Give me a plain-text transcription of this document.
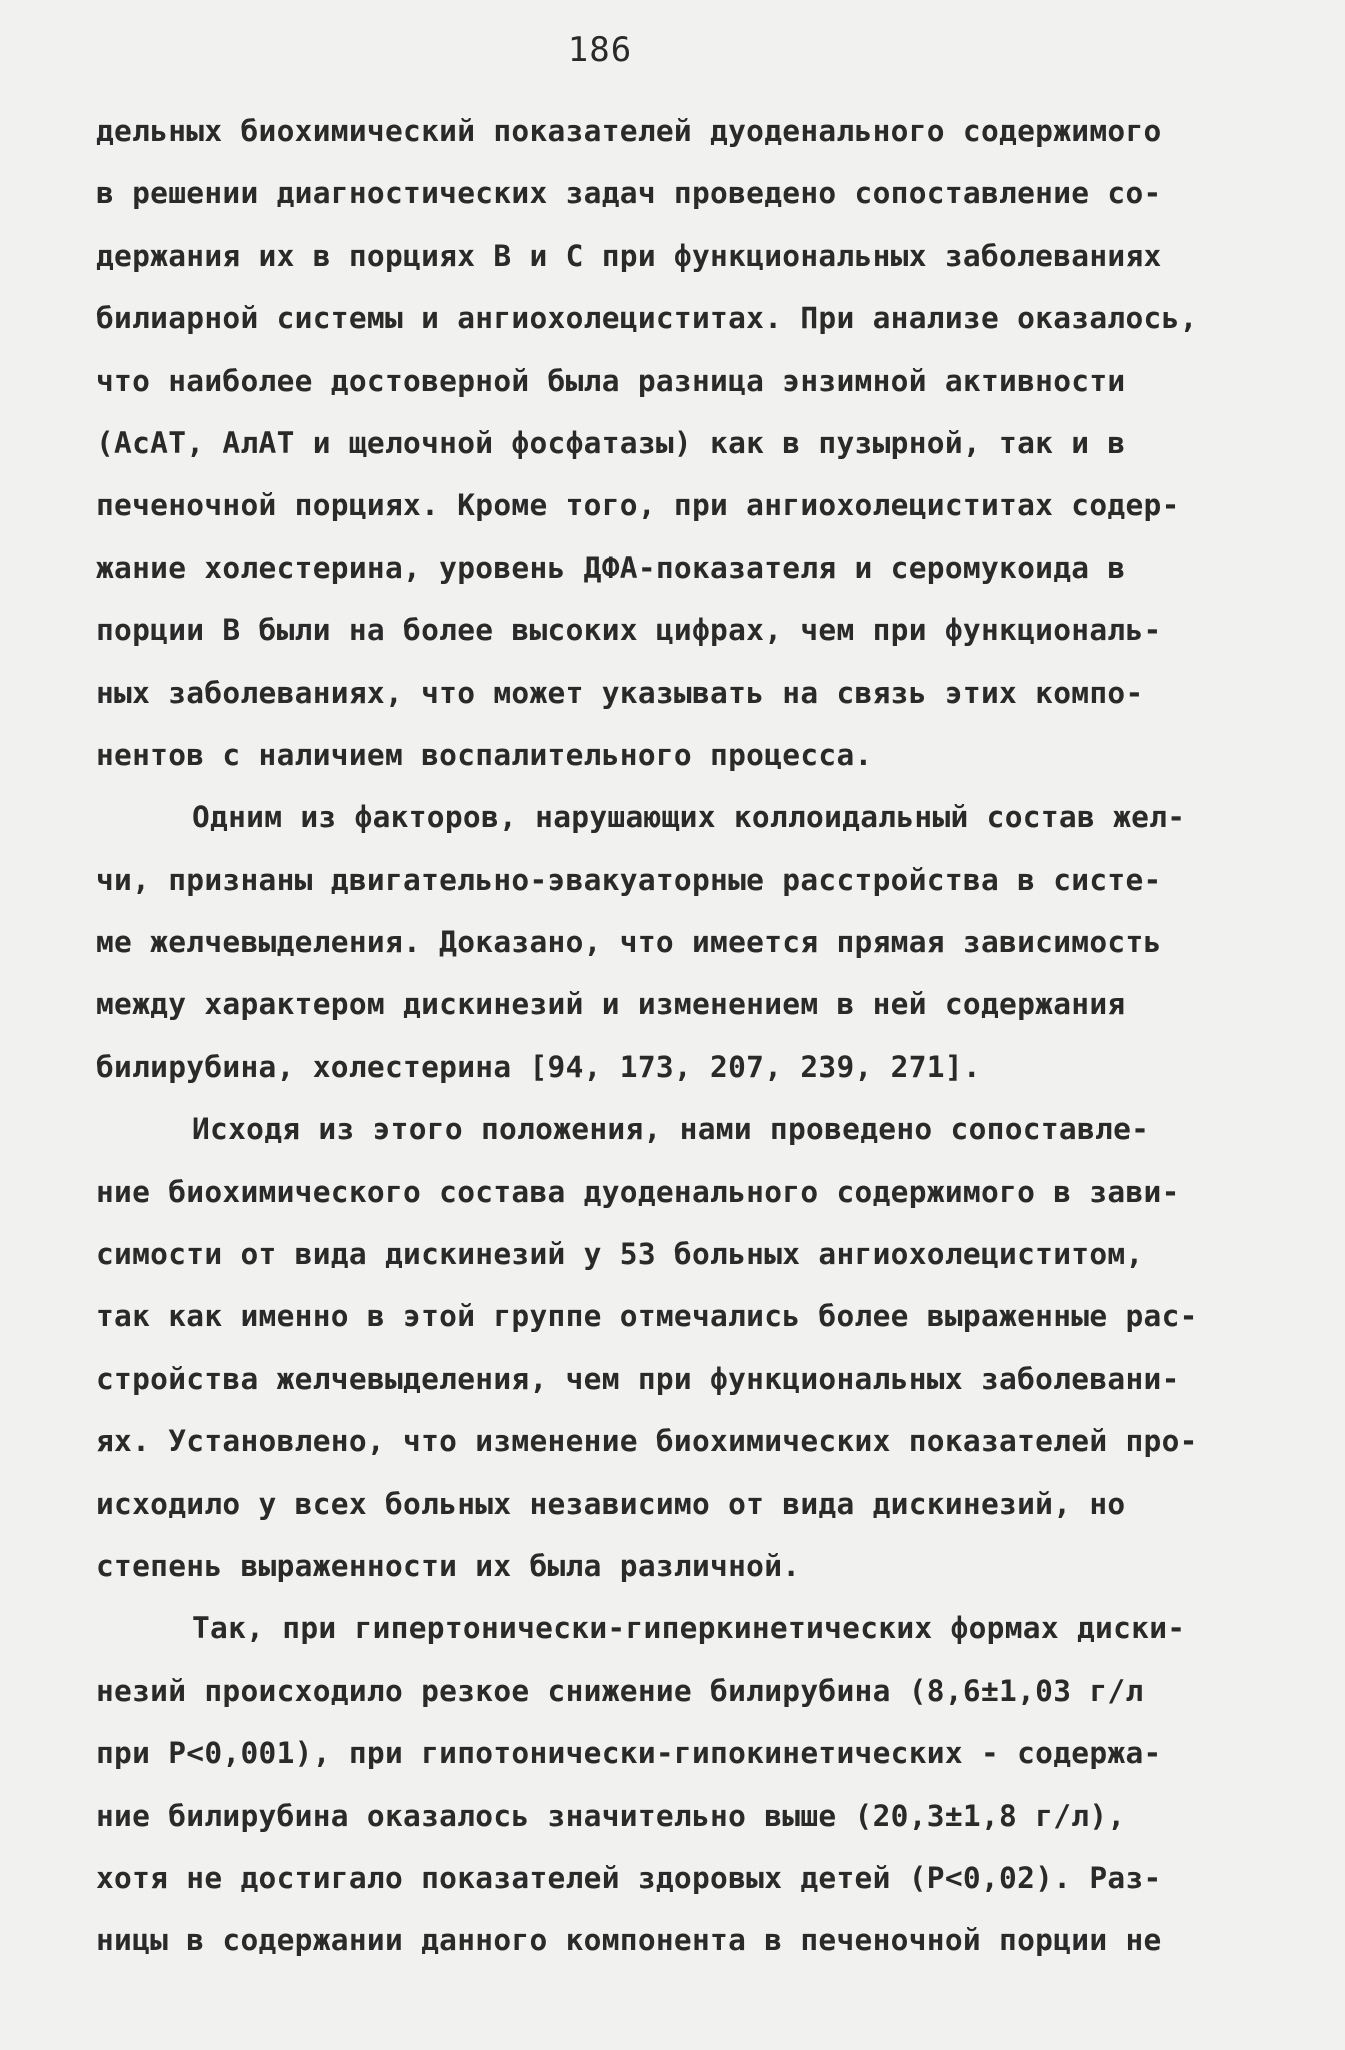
186
дельных биохимический показателей дуоденального содержимого
в решении диагностических задач проведено сопоставление со-
держания их в порциях В и С при функциональных заболеваниях
билиарной системы и ангиохолециститах. При анализе оказалось,
что наиболее достоверной была разница энзимной активности
(АсАТ, АлАТ и щелочной фосфатазы) как в пузырной, так и в
печеночной порциях. Кроме того, при ангиохолециститах содер-
жание холестерина, уровень ДФА-показателя и серомукоида в
порции В были на более высоких цифрах, чем при функциональ-
ных заболеваниях, что может указывать на связь этих компо-
нентов с наличием воспалительного процесса.
Одним из факторов, нарушающих коллоидальный состав жел-
чи, признаны двигательно-эвакуаторные расстройства в систе-
ме желчевыделения. Доказано, что имеется прямая зависимость
между характером дискинезий и изменением в ней содержания
билирубина, холестерина [94, 173, 207, 239, 271].
Исходя из этого положения, нами проведено сопоставле-
ние биохимического состава дуоденального содержимого в зави-
симости от вида дискинезий у 53 больных ангиохолециститом,
так как именно в этой группе отмечались более выраженные рас-
стройства желчевыделения, чем при функциональных заболевани-
ях. Установлено, что изменение биохимических показателей про-
исходило у всех больных независимо от вида дискинезий, но
степень выраженности их была различной.
Так, при гипертонически-гиперкинетических формах диски-
незий происходило резкое снижение билирубина (8,6±1,03 г/л
при P<0,001), при гипотонически-гипокинетических - содержа-
ние билирубина оказалось значительно выше (20,3±1,8 г/л),
хотя не достигало показателей здоровых детей (P<0,02). Раз-
ницы в содержании данного компонента в печеночной порции не
